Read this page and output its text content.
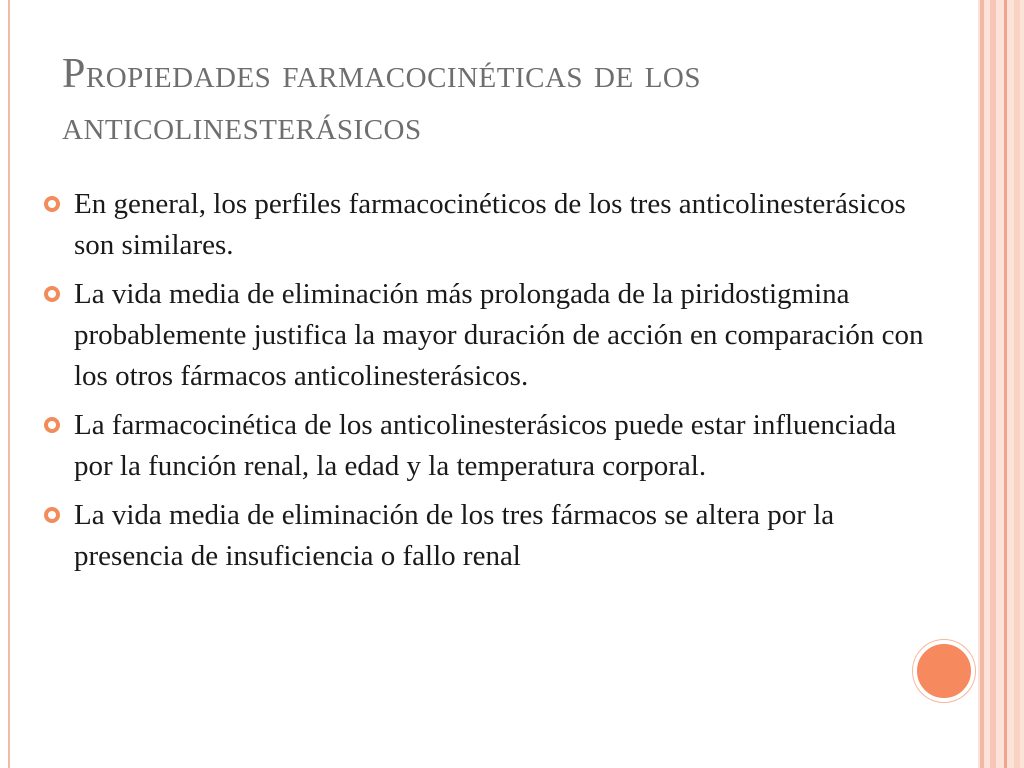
Propiedades farmacocinéticas de los anticolinesterásicos
En general, los perfiles farmacocinéticos de los tres anticolinesterásicos son similares.
La vida media de eliminación más prolongada de la piridostigmina probablemente justifica la mayor duración de acción en comparación con los otros fármacos anticolinesterásicos.
La farmacocinética de los anticolinesterásicos puede estar influenciada por la función renal, la edad y la temperatura corporal.
La vida media de eliminación de los tres fármacos se altera por la presencia de insuficiencia o fallo renal
